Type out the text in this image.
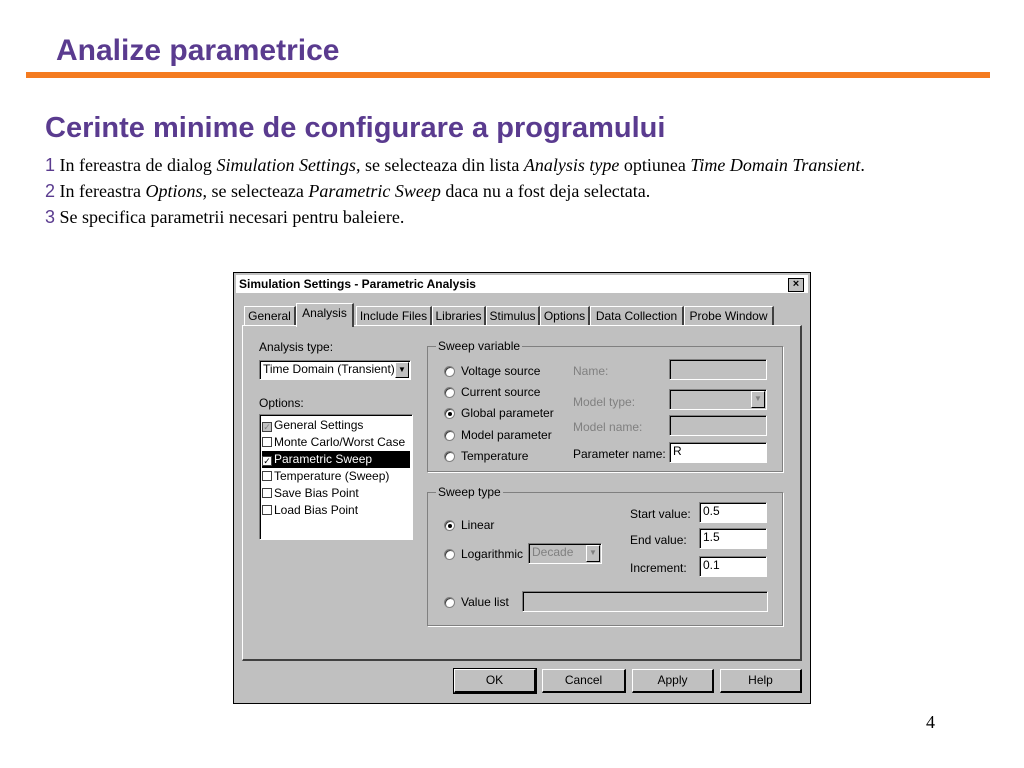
Analize parametrice
Cerinte minime de configurare a programului
1 In fereastra de dialog Simulation Settings, se selecteaza din lista Analysis type optiunea Time Domain Transient.
2 In fereastra Options, se selecteaza Parametric Sweep daca nu a fost deja selectata.
3 Se specifica parametrii necesari pentru baleiere.
Simulation Settings - Parametric Analysis	×
General Analysis	Include Files Libraries Stimulus Options Data Collection	Probe Window
Analysis type:
Time Domain (Transient) ▼
Options:
✓ General Settings
Monte Carlo/Worst Case
✓ Parametric Sweep
Temperature (Sweep)
Save Bias Point
Load Bias Point
Sweep variable
Voltage source
Current source
Global parameter
Model parameter
Temperature
Name:
Model type:	▼
Model name:
Parameter name: R
Sweep type
Linear
Logarithmic Decade	▼
Value list
Start value: 0.5
End value: 1.5
Increment: 0.1
OK	Cancel	Apply	Help
4
